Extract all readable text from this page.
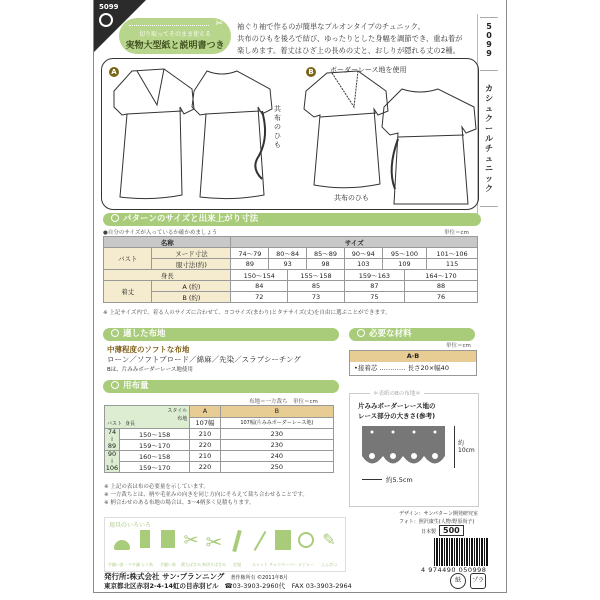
5099
✂
切り取ってそのまま使える
実物大型紙と説明書つき
袖ぐり袖で作るのが簡単なプルオンタイプのチュニック。
共布のひもを後ろで結び、ゆったりとした身幅を調節でき、重ね着が
楽しめます。着丈はひざ上の長めの丈と、おしりが隠れる丈の2種。
5
0
9
9
カシュクールチュニック
A
共布のひも
B	ボーダーレース地を使用
共布のひも
パターンのサイズと出来上がり寸法
●自分のサイズが入っているか確かめましょう	単位＝cm
名称		サイズ							
バスト	ヌード寸法	74〜79	80〜84		85〜89	90〜94	95〜100		101〜106
	服寸法(約)	89	93		98	103	109		115
身長		150〜154		155〜158		159〜163		164〜170	
着丈	A (約)	84		85		87		88	
	B (約)	72		73		75		76	
※ 上記サイズ内で、着る人のサイズに合わせて、ヨコサイズ(まわり)とタテサイズ(丈)を自由に選ぶことができます。
適した布地
中薄程度のソフトな布地
ローン／ソフトブロード／綿麻／先染／スラブシーチング
Bは、片みみボーダーレース地使用
必要な材料
単位＝cm
A·B
•接着芯 ………… 長さ20×幅40
用布量
布地＝一方裁ち　単位＝cm
スタイル
布地
バスト 身長		A	B
		107幅	107幅(片みみボーダーレース地)

74
⁞
89	150〜158	210	230
	159〜170	220	230

90
⁞
106	160〜158	210	240
	159〜170	220	250
※ 上記の表は布の必要量を示しています。
※ 一方裁ちとは、柄や毛並みの向きを同じ方向にそろえて裁ち合わせることです。
※ 柄合わせのある布地の場合は、3〜4柄多く見積もります。
＊表紙のBの布地＊
片みみボーダーレース地の
レース部分の大きさ(参考)
約10cm
約5.5cm
用具のいろいろ
手縫い針・マチ針
ミシン糸	手縫い糸
✂
裁ちばさみ
✂
糸切りばさみ	定規	ルレット チャコペーパー メジャー
✎
えんぴつ
デザイン：サンパターン開発研究室
フォト：照沢康生(人物:野原尚子)
日本製 500
4 974490 050998
紙	プラ
発行所:株式会社 サン·プランニング 著作権所有 ©2011年8月
東京都北区赤羽2-4-14虹の目赤羽ビル ☎03-3903-2960代　FAX 03-3903-2964
